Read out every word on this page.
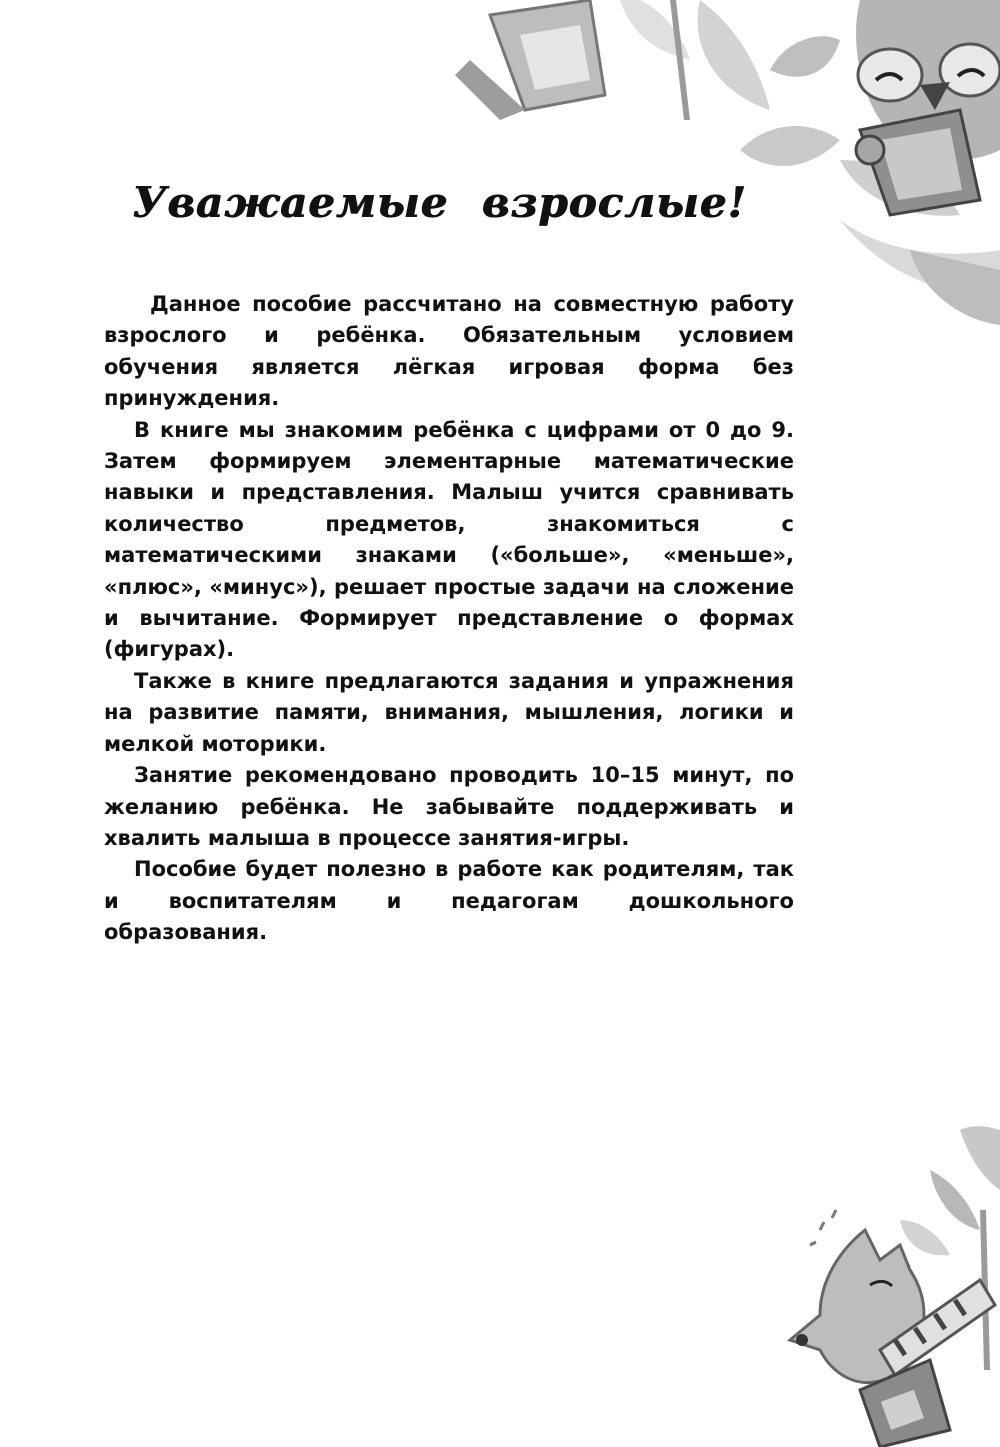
Уважаемые взрослые!

Данное пособие рассчитано на совместную работу взрослого и ребёнка. Обязательным условием обучения является лёгкая игровая форма без принуждения.

В книге мы знакомим ребёнка с цифрами от 0 до 9. Затем формируем элементарные математические навыки и представления. Малыш учится сравнивать количество предметов, знакомиться с математическими знаками («больше», «меньше», «плюс», «минус»), решает простые задачи на сложение и вычитание. Формирует представление о формах (фигурах).

Также в книге предлагаются задания и упражнения на развитие памяти, внимания, мышления, логики и мелкой моторики.

Занятие рекомендовано проводить 10–15 минут, по желанию ребёнка. Не забывайте поддерживать и хвалить малыша в процессе занятия-игры.

Пособие будет полезно в работе как родителям, так и воспитателям и педагогам дошкольного образования.
